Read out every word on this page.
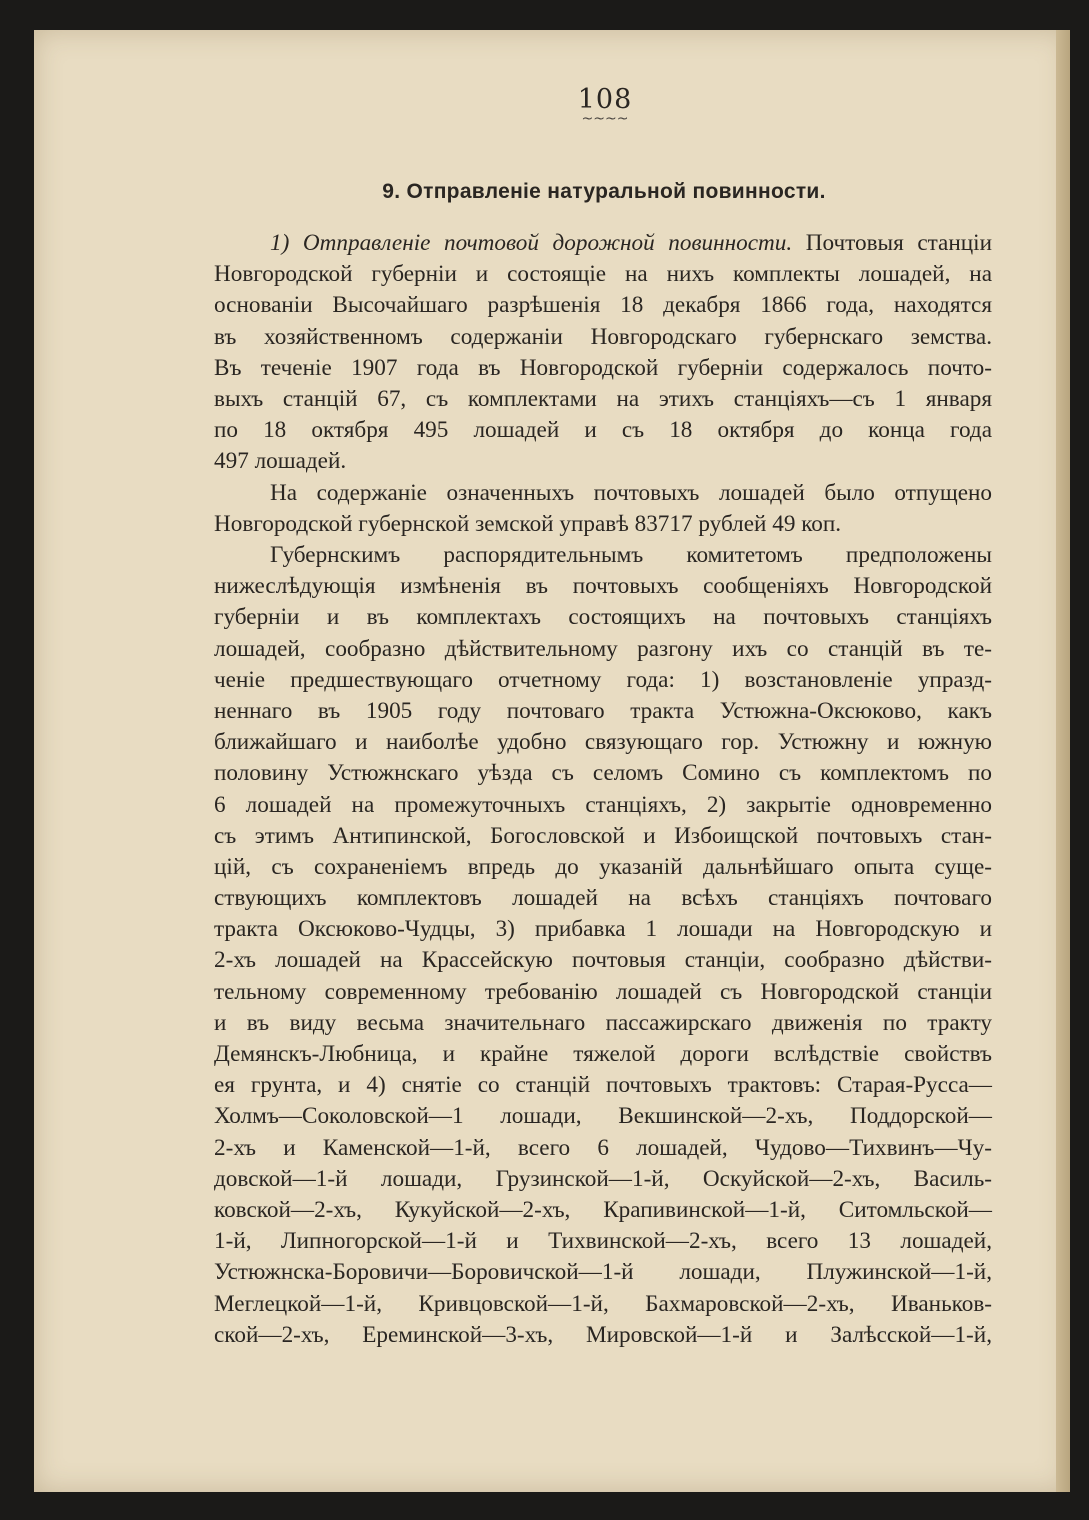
108
~~~~
9. Отправленіе натуральной повинности.
1) Отправленіе почтовой дорожной повинности. Почтовыя станціи
Новгородской губерніи и состоящіе на нихъ комплекты лошадей, на
основаніи Высочайшаго разрѣшенія 18 декабря 1866 года, находятся
въ хозяйственномъ содержаніи Новгородскаго губернскаго земства.
Въ теченіе 1907 года въ Новгородской губерніи содержалось почто-
выхъ станцій 67, съ комплектами на этихъ станціяхъ—съ 1 января
по 18 октября 495 лошадей и съ 18 октября до конца года
497 лошадей.
На содержаніе означенныхъ почтовыхъ лошадей было отпущено
Новгородской губернской земской управѣ 83717 рублей 49 коп.
Губернскимъ распорядительнымъ комитетомъ предположены
нижеслѣдующія измѣненія въ почтовыхъ сообщеніяхъ Новгородской
губерніи и въ комплектахъ состоящихъ на почтовыхъ станціяхъ
лошадей, сообразно дѣйствительному разгону ихъ со станцій въ те-
ченіе предшествующаго отчетному года: 1) возстановленіе упразд-
неннаго въ 1905 году почтоваго тракта Устюжна-Оксюково, какъ
ближайшаго и наиболѣе удобно связующаго гор. Устюжну и южную
половину Устюжнскаго уѣзда съ селомъ Сомино съ комплектомъ по
6 лошадей на промежуточныхъ станціяхъ, 2) закрытіе одновременно
съ этимъ Антипинской, Богословской и Избоищской почтовыхъ стан-
цій, съ сохраненіемъ впредь до указаній дальнѣйшаго опыта суще-
ствующихъ комплектовъ лошадей на всѣхъ станціяхъ почтоваго
тракта Оксюково-Чудцы, 3) прибавка 1 лошади на Новгородскую и
2-хъ лошадей на Крассейскую почтовыя станціи, сообразно дѣйстви-
тельному современному требованію лошадей съ Новгородской станціи
и въ виду весьма значительнаго пассажирскаго движенія по тракту
Демянскъ-Любница, и крайне тяжелой дороги вслѣдствіе свойствъ
ея грунта, и 4) снятіе со станцій почтовыхъ трактовъ: Старая-Русса—
Холмъ—Соколовской—1 лошади, Векшинской—2-хъ, Поддорской—
2-хъ и Каменской—1-й, всего 6 лошадей, Чудово—Тихвинъ—Чу-
довской—1-й лошади, Грузинской—1-й, Оскуйской—2-хъ, Василь-
ковской—2-хъ, Кукуйской—2-хъ, Крапивинской—1-й, Ситомльской—
1-й, Липногорской—1-й и Тихвинской—2-хъ, всего 13 лошадей,
Устюжнска-Боровичи—Боровичской—1-й лошади, Плужинской—1-й,
Меглецкой—1-й, Кривцовской—1-й, Бахмаровской—2-хъ, Иваньков-
ской—2-хъ, Ереминской—3-хъ, Мировской—1-й и Залѣсской—1-й,
